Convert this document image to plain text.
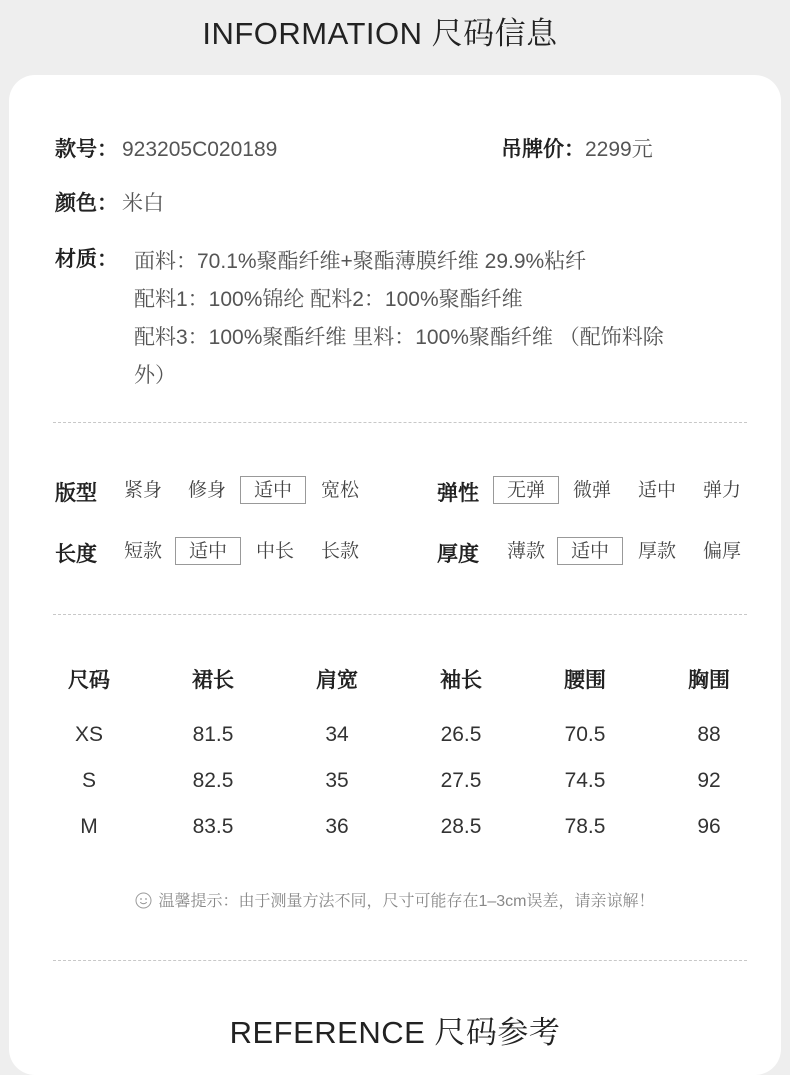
INFORMATION 尺码信息
款号： 923205C020189	吊牌价：2299元
颜色： 米白
材质： 面料：70.1%聚酯纤维+聚酯薄膜纤维 29.9%粘纤
配料1：100%锦纶 配料2：100%聚酯纤维
配料3：100%聚酯纤维 里料：100%聚酯纤维 （配饰料除
外）
版型	紧身	修身	适中	宽松	弹性	无弹	微弹	适中	弹力
长度	短款	适中	中长	长款	厚度	薄款	适中	厚款	偏厚
尺码	裙长	肩宽	袖长	腰围	胸围
XS	81.5	34	26.5	70.5	88
S	82.5	35	27.5	74.5	92
M	83.5	36	28.5	78.5	96
温馨提示：由于测量方法不同，尺寸可能存在1–3cm误差，请亲谅解！
REFERENCE 尺码参考
